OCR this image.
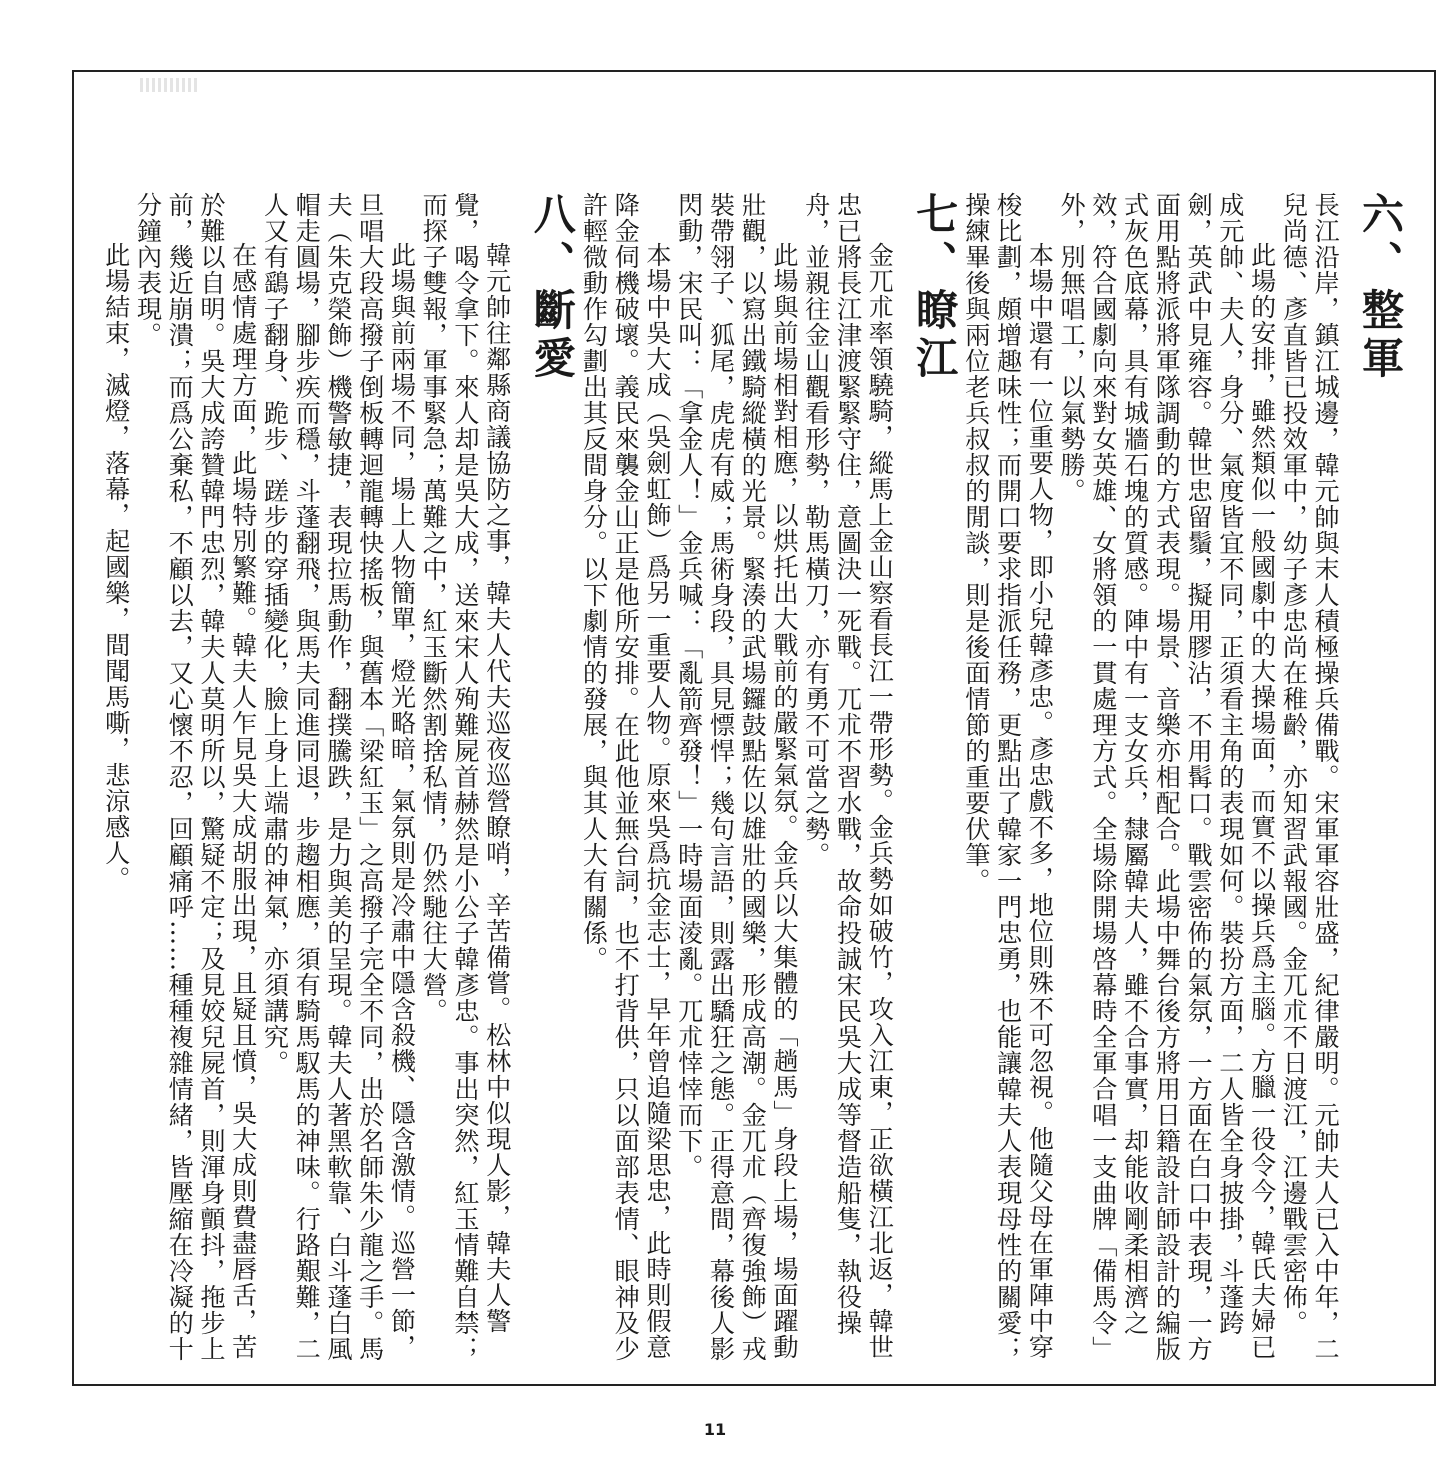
六、整軍

長江沿岸，鎮江城邊，韓元帥與末人積極操兵備戰。宋軍軍容壯盛，紀律嚴明。元帥夫人已入中年，二兒尚德、彥直皆已投效軍中，幼子彥忠尚在稚齡，亦知習武報國。金兀朮不日渡江，江邊戰雲密佈。

此場的安排，雖然類似一般國劇中的大操場面，而實不以操兵爲主腦。方臘一役令今，韓氏夫婦已成元帥、夫人，身分、氣度皆宜不同，正須看主角的表現如何。裝扮方面，二人皆全身披掛，斗蓬跨劍，英武中見雍容。韓世忠留鬚，擬用膠沾，不用髯口。戰雲密佈的氣氛，一方面在白口中表現，一方面用點將派將軍隊調動的方式表現。場景、音樂亦相配合。此場中舞台後方將用日籍設計師設計的編版式灰色底幕，具有城牆石塊的質感。陣中有一支女兵，隸屬韓夫人，雖不合事實，却能收剛柔相濟之效，符合國劇向來對女英雄、女將領的一貫處理方式。全場除開場啓幕時全軍合唱一支曲牌「備馬令」外，別無唱工，以氣勢勝。

本場中還有一位重要人物，即小兒韓彥忠。彥忠戲不多，地位則殊不可忽視。他隨父母在軍陣中穿梭比劃，頗增趣味性；而開口要求指派任務，更點出了韓家一門忠勇，也能讓韓夫人表現母性的關愛；操練畢後與兩位老兵叔叔的閒談，則是後面情節的重要伏筆。

七、瞭江

金兀朮率領驍騎，縱馬上金山察看長江一帶形勢。金兵勢如破竹，攻入江東，正欲橫江北返，韓世忠已將長江津渡緊緊守住，意圖決一死戰。兀朮不習水戰，故命投誠宋民吳大成等督造船隻，執役操舟，並親往金山觀看形勢，勒馬橫刀，亦有勇不可當之勢。

此場與前場相對相應，以烘托出大戰前的嚴緊氣氛。金兵以大集體的「趟馬」身段上場，場面躍動壯觀，以寫出鐵騎縱橫的光景。緊湊的武場鑼鼓點佐以雄壯的國樂，形成高潮。金兀朮（齊復強飾）戎裝帶翎子、狐尾，虎虎有威；馬術身段，具見慓悍；幾句言語，則露出驕狂之態。正得意間，幕後人影閃動，宋民叫：「拿金人！」金兵喊：「亂箭齊發！」一時場面淩亂。兀朮悻悻而下。

本場中吳大成（吳劍虹飾）爲另一重要人物。原來吳爲抗金志士，早年曾追隨梁思忠，此時則假意降金伺機破壞。義民來襲金山正是他所安排。在此他並無台詞，也不打背供，只以面部表情、眼神及少許輕微動作勾劃出其反間身分。以下劇情的發展，與其人大有關係。

八、斷愛

韓元帥往鄰縣商議協防之事，韓夫人代夫巡夜巡營瞭哨，辛苦備嘗。松林中似現人影，韓夫人警覺，喝令拿下。來人却是吳大成，送來宋人殉難屍首赫然是小公子韓彥忠。事出突然，紅玉情難自禁；而探子雙報，軍事緊急；萬難之中，紅玉斷然割捨私情，仍然馳往大營。

此場與前兩場不同，場上人物簡單，燈光略暗，氣氛則是冷肅中隱含殺機、隱含激情。巡營一節，旦唱大段高撥子倒板轉迴龍轉快搖板，與舊本「梁紅玉」之高撥子完全不同，出於名師朱少龍之手。馬夫（朱克榮飾）機警敏捷，表現拉馬動作，翻撲騰跌，是力與美的呈現。韓夫人著黑軟靠、白斗蓬白風帽走圓場，腳步疾而穩，斗蓬翻飛，與馬夫同進同退，步趨相應，須有騎馬馭馬的神味。行路艱難，二人又有鷂子翻身、跪步、蹉步的穿插變化，臉上身上端肅的神氣，亦須講究。

在感情處理方面，此場特別繁難。韓夫人乍見吳大成胡服出現，且疑且憤，吳大成則費盡唇舌，苦於難以自明。吳大成誇贊韓門忠烈，韓夫人莫明所以，驚疑不定；及見姣兒屍首，則渾身顫抖，拖步上前，幾近崩潰；而爲公棄私，不顧以去，又心懷不忍，回顧痛呼……種種複雜情緒，皆壓縮在冷凝的十分鐘內表現。

此場結束，滅燈，落幕，起國樂，間聞馬嘶，悲涼感人。

11
